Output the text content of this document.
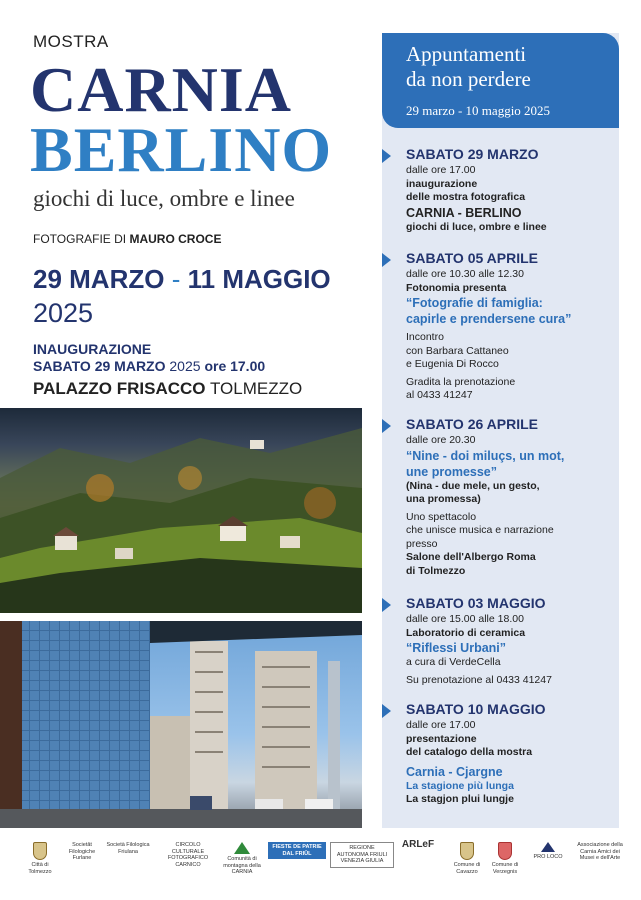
MOSTRA
CARNIA
BERLINO
giochi di luce, ombre e linee
FOTOGRAFIE DI MAURO CROCE
29 MARZO - 11 MAGGIO
2025
INAUGURAZIONE
SABATO 29 MARZO 2025 ore 17.00
PALAZZO FRISACCO TOLMEZZO
Appuntamenti
da non perdere
29 marzo - 10 maggio 2025
SABATO 29 MARZO
dalle ore 17.00
inaugurazione
delle mostra fotografica
CARNIA - BERLINO
giochi di luce, ombre e linee
SABATO 05 APRILE
dalle ore 10.30 alle 12.30
Fotonomia presenta
“Fotografie di famiglia:
capirle e prendersene cura”
Incontro
con Barbara Cattaneo
e Eugenia Di Rocco
Gradita la prenotazione
al 0433 41247
SABATO 26 APRILE
dalle ore 20.30
“Nine - doi miluçs, un mot,
une promesse”
(Nina - due mele, un gesto,
una promessa)
Uno spettacolo
che unisce musica e narrazione
presso
Salone dell'Albergo Roma
di Tolmezzo
SABATO 03 MAGGIO
dalle ore 15.00 alle 18.00
Laboratorio di ceramica
“Riflessi Urbani”
a cura di VerdeCella
Su prenotazione al 0433 41247
SABATO 10 MAGGIO
dalle ore 17.00
presentazione
del catalogo della mostra
Carnia - Cjargne
La stagione più lunga
La stagjon plui lungje
Città di Tolmezzo
Societât Filologiche Furlane
Società Filologica Friulana
CIRCOLO CULTURALE FOTOGRAFICO CARNICO
Comunità di montagna della CARNIA
FIESTE DE PATRIE DAL FRIÛL
REGIONE AUTONOMA FRIULI VENEZIA GIULIA
ARLeF
Comune di Cavazzo
Comune di Verzegnis
PRO LOCO
Associazione della Carnia Amici dei Musei e dell'Arte
